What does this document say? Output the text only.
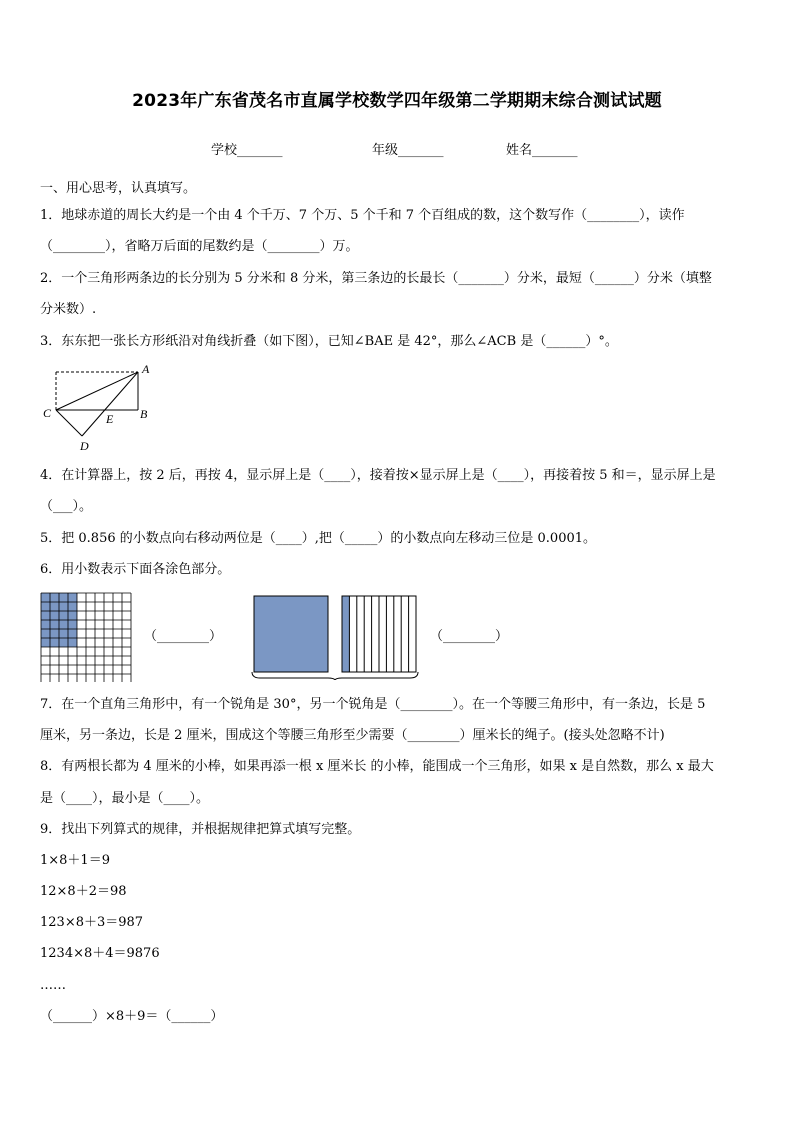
2023年广东省茂名市直属学校数学四年级第二学期期末综合测试试题
学校_______	年级_______	姓名_______
一、用心思考，认真填写。
1．地球赤道的周长大约是一个由 4 个千万、7 个万、5 个千和 7 个百组成的数，这个数写作（________），读作
（________），省略万后面的尾数约是（________）万。
2．一个三角形两条边的长分别为 5 分米和 8 分米，第三条边的长最长（_______）分米，最短（______）分米（填整
分米数）.
3．东东把一张长方形纸沿对角线折叠（如下图），已知∠BAE 是 42°，那么∠ACB 是（______）°。
A
B
C
D
E
4．在计算器上，按 2 后，再按 4，显示屏上是（____），接着按×显示屏上是（____），再接着按 5 和＝，显示屏上是
（___）。
5．把 0.856 的小数点向右移动两位是（____）,把（_____）的小数点向左移动三位是 0.0001。
6．用小数表示下面各涂色部分。
（________）	（________）
7．在一个直角三角形中，有一个锐角是 30°，另一个锐角是（________）。在一个等腰三角形中，有一条边，长是 5
厘米，另一条边，长是 2 厘米，围成这个等腰三角形至少需要（________）厘米长的绳子。(接头处忽略不计)
8．有两根长都为 4 厘米的小棒，如果再添一根 x 厘米长 的小棒，能围成一个三角形，如果 x 是自然数，那么 x 最大
是（____），最小是（____）。
9．找出下列算式的规律，并根据规律把算式填写完整。
1×8＋1＝9
12×8＋2＝98
123×8＋3＝987
1234×8＋4＝9876
……
（______）×8＋9＝（______）
